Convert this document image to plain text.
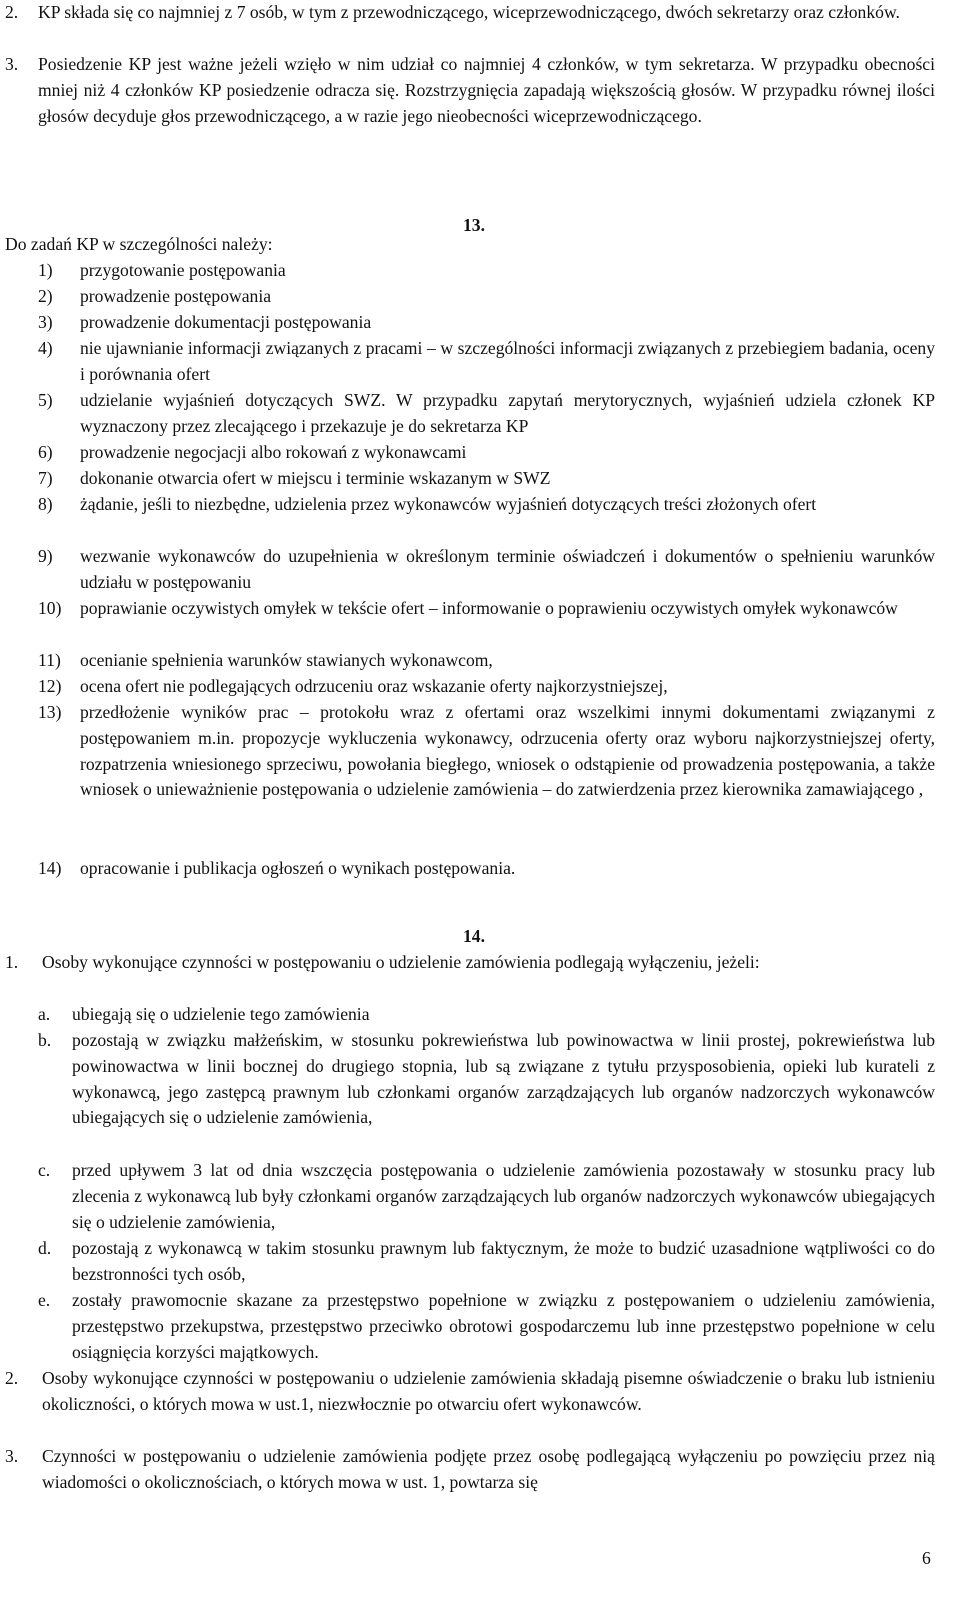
2. KP składa się co najmniej z 7 osób, w tym z przewodniczącego, wiceprzewodniczącego, dwóch sekretarzy oraz członków.

3. Posiedzenie KP jest ważne jeżeli wzięło w nim udział co najmniej 4 członków, w tym sekretarza. W przypadku obecności mniej niż 4 członków KP posiedzenie odracza się. Rozstrzygnięcia zapadają większością głosów. W przypadku równej ilości głosów decyduje głos przewodniczącego, a w razie jego nieobecności wiceprzewodniczącego.

13.

Do zadań KP w szczególności należy:

1) przygotowanie postępowania

2) prowadzenie postępowania

3) prowadzenie dokumentacji postępowania

4) nie ujawnianie informacji związanych z pracami – w szczególności informacji związanych z przebiegiem badania, oceny i porównania ofert

5) udzielanie wyjaśnień dotyczących SWZ. W przypadku zapytań merytorycznych, wyjaśnień udziela członek KP wyznaczony przez zlecającego i przekazuje je do sekretarza KP

6) prowadzenie negocjacji albo rokowań z wykonawcami

7) dokonanie otwarcia ofert w miejscu i terminie wskazanym w SWZ

8) żądanie, jeśli to niezbędne, udzielenia przez wykonawców wyjaśnień dotyczących treści złożonych ofert

9) wezwanie wykonawców do uzupełnienia w określonym terminie oświadczeń i dokumentów o spełnieniu warunków udziału w postępowaniu

10) poprawianie oczywistych omyłek w tekście ofert – informowanie o poprawieniu oczywistych omyłek wykonawców

11) ocenianie spełnienia warunków stawianych wykonawcom,

12) ocena ofert nie podlegających odrzuceniu oraz wskazanie oferty najkorzystniejszej,

13) przedłożenie wyników prac – protokołu wraz z ofertami oraz wszelkimi innymi dokumentami związanymi z postępowaniem m.in. propozycje wykluczenia wykonawcy, odrzucenia oferty oraz wyboru najkorzystniejszej oferty, rozpatrzenia wniesionego sprzeciwu, powołania biegłego, wniosek o odstąpienie od prowadzenia postępowania, a także wniosek o unieważnienie postępowania o udzielenie zamówienia – do zatwierdzenia przez kierownika zamawiającego ,

14) opracowanie i publikacja ogłoszeń o wynikach postępowania.

14.
1. Osoby wykonujące czynności w postępowaniu o udzielenie zamówienia podlegają wyłączeniu, jeżeli:

a. ubiegają się o udzielenie tego zamówienia

b. pozostają w związku małżeńskim, w stosunku pokrewieństwa lub powinowactwa w linii prostej, pokrewieństwa lub powinowactwa w linii bocznej do drugiego stopnia, lub są związane z tytułu przysposobienia, opieki lub kurateli z wykonawcą, jego zastępcą prawnym lub członkami organów zarządzających lub organów nadzorczych wykonawców ubiegających się o udzielenie zamówienia,

c. przed upływem 3 lat od dnia wszczęcia postępowania o udzielenie zamówienia pozostawały w stosunku pracy lub zlecenia z wykonawcą lub były członkami organów zarządzających lub organów nadzorczych wykonawców ubiegających się o udzielenie zamówienia,

d. pozostają z wykonawcą w takim stosunku prawnym lub faktycznym, że może to budzić uzasadnione wątpliwości co do bezstronności tych osób,

e. zostały prawomocnie skazane za przestępstwo popełnione w związku z postępowaniem o udzieleniu zamówienia, przestępstwo przekupstwa, przestępstwo przeciwko obrotowi gospodarczemu lub inne przestępstwo popełnione w celu osiągnięcia korzyści majątkowych.

2. Osoby wykonujące czynności w postępowaniu o udzielenie zamówienia składają pisemne oświadczenie o braku lub istnieniu okoliczności, o których mowa w ust.1, niezwłocznie po otwarciu ofert wykonawców.

3. Czynności w postępowaniu o udzielenie zamówienia podjęte przez osobę podlegającą wyłączeniu po powzięciu przez nią wiadomości o okolicznościach, o których mowa w ust. 1, powtarza się

6
